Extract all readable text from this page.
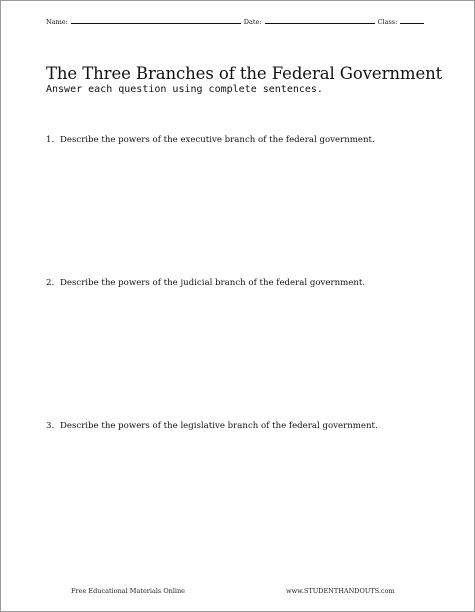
Name:	Date:	Class:
The Three Branches of the Federal Government
Answer each question using complete sentences.
1. Describe the powers of the executive branch of the federal government.
2. Describe the powers of the judicial branch of the federal government.
3. Describe the powers of the legislative branch of the federal government.
Free Educational Materials Online	www.STUDENTHANDOUTS.com
